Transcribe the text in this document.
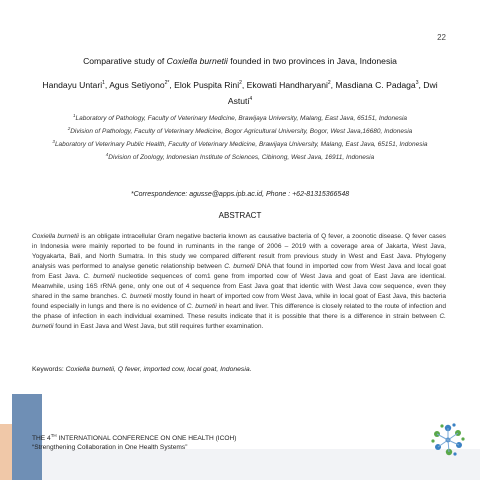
22
Comparative study of Coxiella burnetii founded in two provinces in Java, Indonesia
Handayu Untari$^1$, Agus Setiyono$^{2*}$, Elok Puspita Rini$^2$, Ekowati Handharyani$^2$, Masdiana C. Padaga$^3$, Dwi Astuti$^4$

$^1$Laboratory of Pathology, Faculty of Veterinary Medicine, Brawijaya University, Malang, East Java, 65151, Indonesia

$^2$Division of Pathology, Faculty of Veterinary Medicine, Bogor Agricultural University, Bogor, West Java,16680, Indonesia

$^3$Laboratory of Veterinary Public Health, Faculty of Veterinary Medicine, Brawijaya University, Malang, East Java, 65151, Indonesia

$^4$Division of Zoology, Indonesian Institute of Sciences, Cibinong, West Java, 16911, Indonesia

*Correspondence: agusse@apps.ipb.ac.id, Phone : +62-81315366548
ABSTRACT

Coxiella burnetii is an obligate intracellular Gram negative bacteria known as causative bacteria of Q fever, a zoonotic disease. Q fever cases in Indonesia were mainly reported to be found in ruminants in the range of 2006 – 2019 with a coverage area of Jakarta, West Java, Yogyakarta, Bali, and North Sumatra. In this study we compared different result from previous study in West and East Java. Phylogeny analysis was performed to analyse genetic relationship between C. burnetii DNA that found in imported cow from West Java and local goat from East Java. C. burnetii nucleotide sequences of com1 gene from imported cow of West Java and goat of East Java are identical. Meanwhile, using 16S rRNA gene, only one out of 4 sequence from East Java goat that identic with West Java cow sequence, even they shared in the same branches. C. burnetii mostly found in heart of imported cow from West Java, while in local goat of East Java, this bacteria found especially in lungs and there is no evidence of C. burnetii in heart and liver. This difference is closely related to the route of infection and the phase of infection in each individual examined. These results indicate that it is possible that there is a difference in strain between C. burnetii found in East Java and West Java, but still requires further examination.

Keywords: Coxiella burnetii, Q fever, imported cow, local goat, Indonesia.
THE 4TH INTERNATIONAL CONFERENCE ON ONE HEALTH (ICOH)
“Strengthening Collaboration in One Health Systems”
